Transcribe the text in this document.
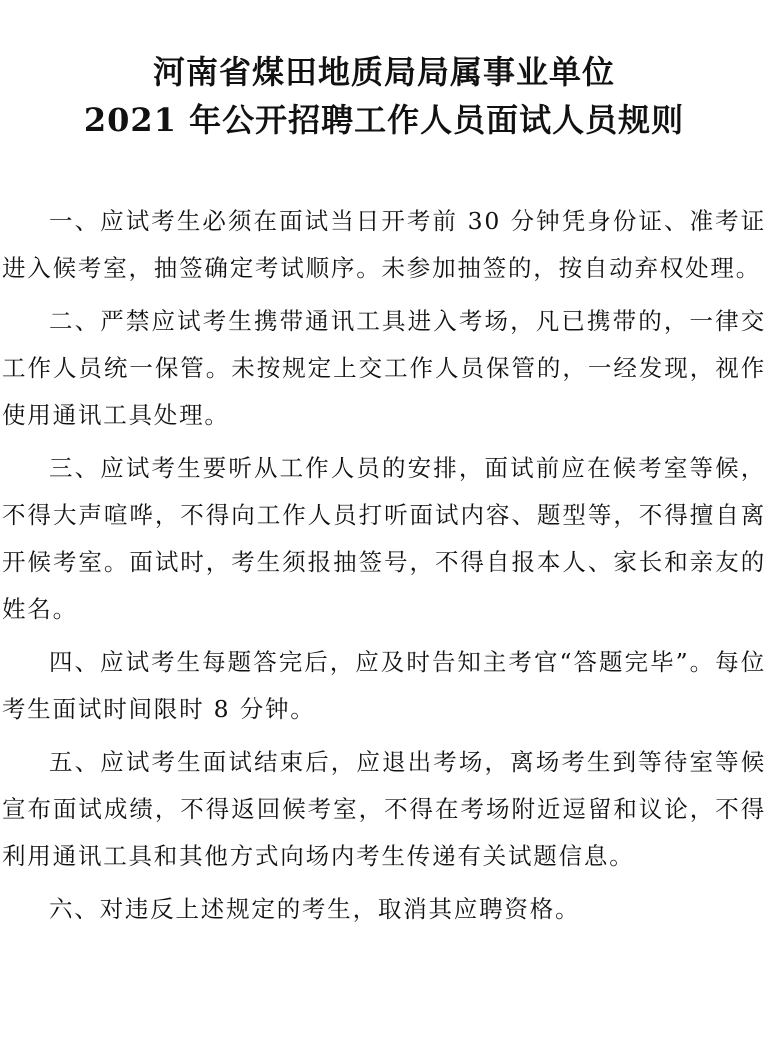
河南省煤田地质局局属事业单位
2021 年公开招聘工作人员面试人员规则

一、应试考生必须在面试当日开考前 30 分钟凭身份证、准考证进入候考室，抽签确定考试顺序。未参加抽签的，按自动弃权处理。

二、严禁应试考生携带通讯工具进入考场，凡已携带的，一律交工作人员统一保管。未按规定上交工作人员保管的，一经发现，视作使用通讯工具处理。

三、应试考生要听从工作人员的安排，面试前应在候考室等候，不得大声喧哗，不得向工作人员打听面试内容、题型等，不得擅自离开候考室。面试时，考生须报抽签号，不得自报本人、家长和亲友的姓名。

四、应试考生每题答完后，应及时告知主考官“答题完毕”。每位考生面试时间限时 8 分钟。

五、应试考生面试结束后，应退出考场，离场考生到等待室等候宣布面试成绩，不得返回候考室，不得在考场附近逗留和议论，不得利用通讯工具和其他方式向场内考生传递有关试题信息。

六、对违反上述规定的考生，取消其应聘资格。
